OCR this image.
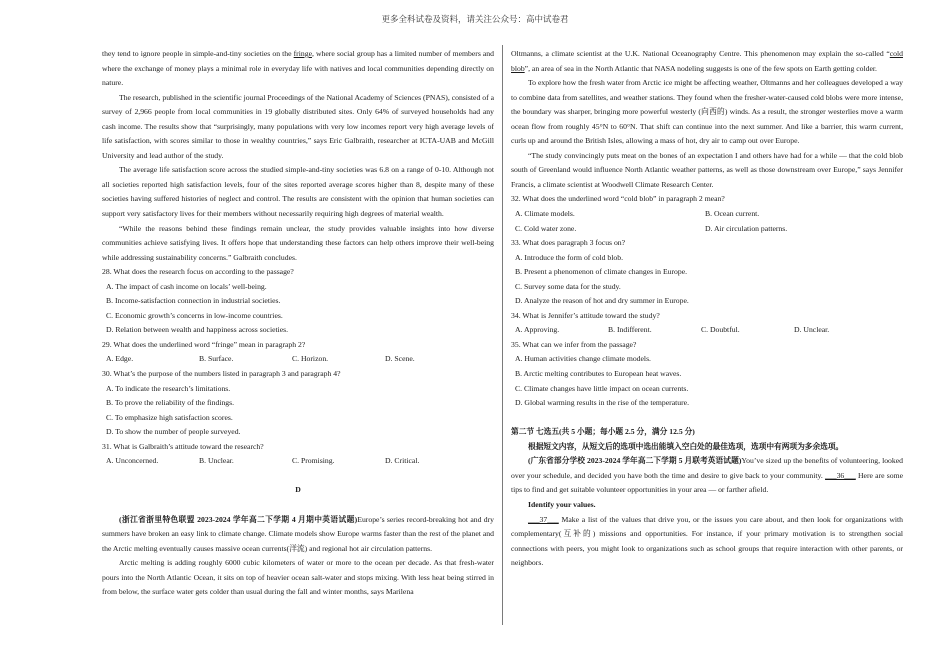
更多全科试卷及资料，请关注公众号：高中试卷君

they tend to ignore people in simple-and-tiny societies on the fringe, where social group has a limited number of members and where the exchange of money plays a minimal role in everyday life with natives and local communities depending directly on nature.

The research, published in the scientific journal Proceedings of the National Academy of Sciences (PNAS), consisted of a survey of 2,966 people from local communities in 19 globally distributed sites. Only 64% of surveyed households had any cash income. The results show that “surprisingly, many populations with very low incomes report very high average levels of life satisfaction, with scores similar to those in wealthy countries,” says Eric Galbraith, researcher at ICTA-UAB and McGill University and lead author of the study.

The average life satisfaction score across the studied simple-and-tiny societies was 6.8 on a range of 0-10. Although not all societies reported high satisfaction levels, four of the sites reported average scores higher than 8, despite many of these societies having suffered histories of neglect and control. The results are consistent with the opinion that human societies can support very satisfactory lives for their members without necessarily requiring high degrees of material wealth.

“While the reasons behind these findings remain unclear, the study provides valuable insights into how diverse communities achieve satisfying lives. It offers hope that understanding these factors can help others improve their well-being while addressing sustainability concerns.” Galbraith concludes.

28. What does the research focus on according to the passage?
A. The impact of cash income on locals’ well-being.
B. Income-satisfaction connection in industrial societies.
C. Economic growth’s concerns in low-income countries.
D. Relation between wealth and happiness across societies.
29. What does the underlined word “fringe” mean in paragraph 2?
A. Edge.	B. Surface.	C. Horizon.	D. Scene.
30. What’s the purpose of the numbers listed in paragraph 3 and paragraph 4?
A. To indicate the research’s limitations.
B. To prove the reliability of the findings.
C. To emphasize high satisfaction scores.
D. To show the number of people surveyed.
31. What is Galbraith’s attitude toward the research?
A. Unconcerned.	B. Unclear.	C. Promising.	D. Critical.
D

(浙江省浙里特色联盟 2023-2024 学年高二下学期 4 月期中英语试题)Europe’s series record-breaking hot and dry summers have broken an easy link to climate change. Climate models show Europe warms faster than the rest of the planet and the Arctic melting eventually causes massive ocean currents(洋流) and regional hot air circulation patterns.

Arctic melting is adding roughly 6000 cubic kilometers of water or more to the ocean per decade. As that fresh-water pours into the North Atlantic Ocean, it sits on top of heavier ocean salt-water and stops mixing. With less heat being stirred in from below, the surface water gets colder than usual during the fall and winter months, says Marilena

Oltmanns, a climate scientist at the U.K. National Oceanography Centre. This phenomenon may explain the so-called “cold blob”, an area of sea in the North Atlantic that NASA nodeling suggests is one of the few spots on Earth getting colder.

To explore how the fresh water from Arctic ice might be affecting weather, Oltmanns and her colleagues developed a way to combine data from satellites, and weather stations. They found when the fresher-water-caused cold blobs were more intense, the boundary was sharper, bringing more powerful westerly (向西的) winds. As a result, the stronger westerlies move a warm ocean flow from roughly 45°N to 60°N. That shift can continue into the next summer. And like a barrier, this warm current, curls up and around the British Isles, allowing a mass of hot, dry air to camp out over Europe.

“The study convincingly puts meat on the bones of an expectation I and others have had for a while — that the cold blob south of Greenland would influence North Atlantic weather patterns, as well as those downstream over Europe,” says Jennifer Francis, a climate scientist at Woodwell Climate Research Center.

32. What does the underlined word “cold blob” in paragraph 2 mean?
A. Climate models.	B. Ocean current.
C. Cold water zone.	D. Air circulation patterns.
33. What does paragraph 3 focus on?
A. Introduce the form of cold blob.
B. Present a phenomenon of climate changes in Europe.
C. Survey some data for the study.
D. Analyze the reason of hot and dry summer in Europe.
34. What is Jennifer’s attitude toward the study?
A. Approving.	B. Indifferent.	C. Doubtful.	D. Unclear.
35. What can we infer from the passage?
A. Human activities change climate models.
B. Arctic melting contributes to European heat waves.
C. Climate changes have little impact on ocean currents.
D. Global warming results in the rise of the temperature.
第二节 七选五(共 5 小题；每小题 2.5 分，满分 12.5 分)

根据短文内容，从短文后的选项中选出能填入空白处的最佳选项，选项中有两项为多余选项。

(广东省部分学校 2023-2024 学年高二下学期 5 月联考英语试题)You’ve sized up the benefits of volunteering, looked over your schedule, and decided you have both the time and desire to give back to your community. ___36___ Here are some tips to find and get suitable volunteer opportunities in your area — or farther afield.

Identify your values.

___37___ Make a list of the values that drive you, or the issues you care about, and then look for organizations with complementary(互补的) missions and opportunities. For instance, if your primary motivation is to strengthen social connections with peers, you might look to organizations such as school groups that require interaction with other parents, or neighbors.
